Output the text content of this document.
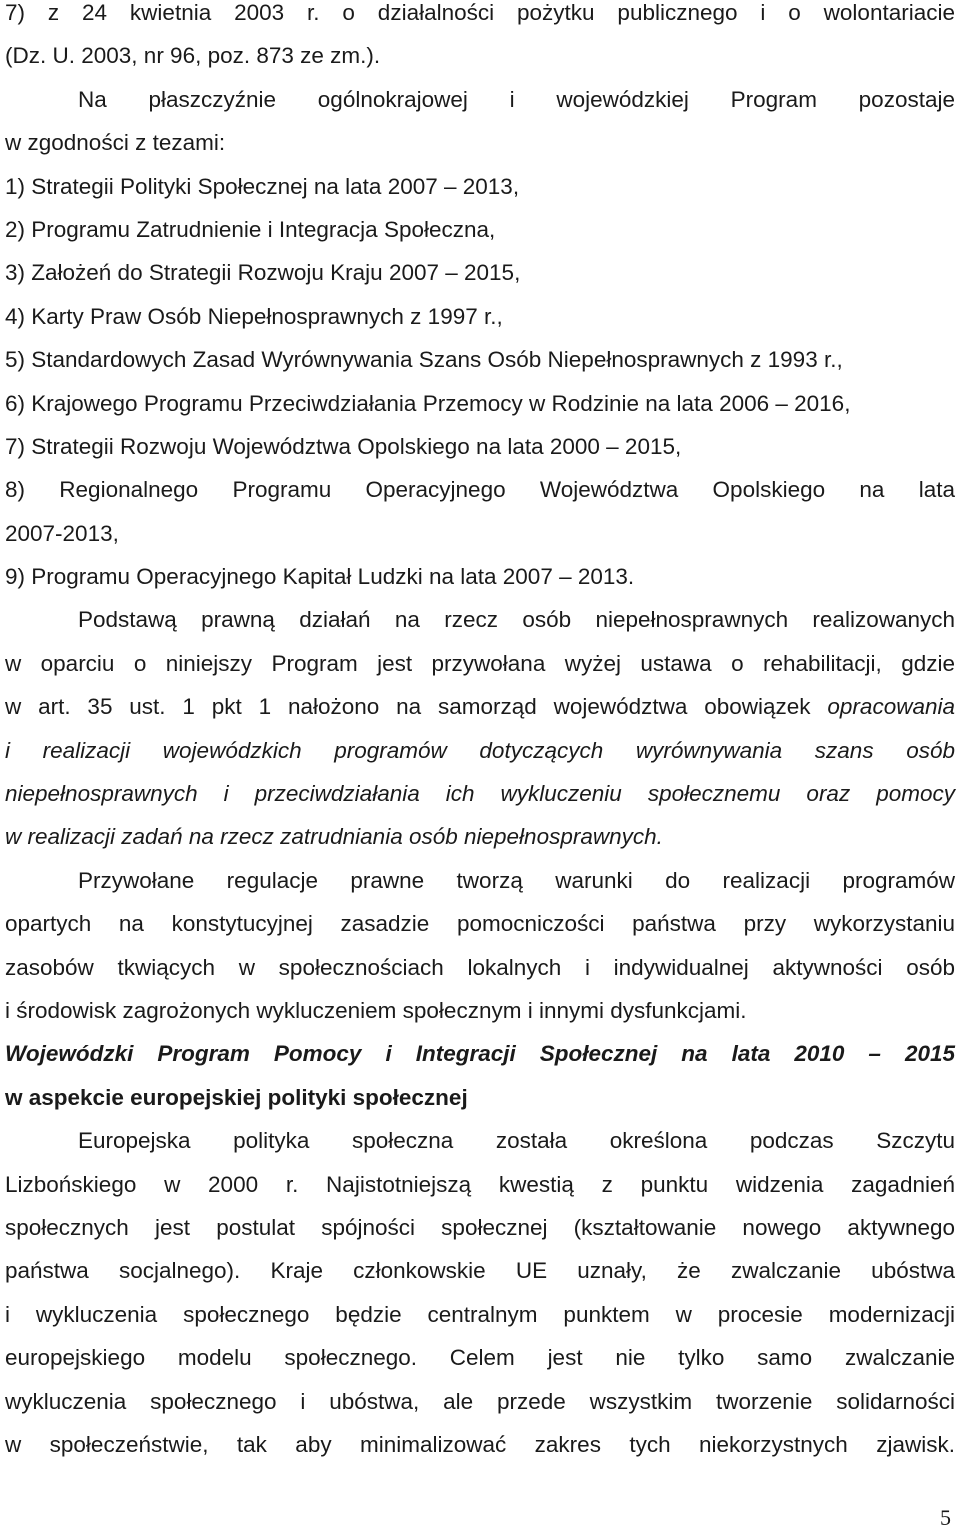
7) z 24 kwietnia 2003 r. o działalności pożytku publicznego i o wolontariacie
(Dz. U. 2003, nr 96, poz. 873 ze zm.).
Na płaszczyźnie ogólnokrajowej i wojewódzkiej Program pozostaje
w zgodności z tezami:
1) Strategii Polityki Społecznej na lata 2007 – 2013,
2) Programu Zatrudnienie i Integracja Społeczna,
3) Założeń do Strategii Rozwoju Kraju 2007 – 2015,
4) Karty Praw Osób Niepełnosprawnych z 1997 r.,
5) Standardowych Zasad Wyrównywania Szans Osób Niepełnosprawnych z 1993 r.,
6) Krajowego Programu Przeciwdziałania Przemocy w Rodzinie na lata 2006 – 2016,
7) Strategii Rozwoju Województwa Opolskiego na lata 2000 – 2015,
8) Regionalnego Programu Operacyjnego Województwa Opolskiego na lata
2007-2013,
9) Programu Operacyjnego Kapitał Ludzki na lata 2007 – 2013.
Podstawą prawną działań na rzecz osób niepełnosprawnych realizowanych
w oparciu o niniejszy Program jest przywołana wyżej ustawa o rehabilitacji, gdzie
w art. 35 ust. 1 pkt 1 nałożono na samorząd województwa obowiązek opracowania
i realizacji wojewódzkich programów dotyczących wyrównywania szans osób
niepełnosprawnych i przeciwdziałania ich wykluczeniu społecznemu oraz pomocy
w realizacji zadań na rzecz zatrudniania osób niepełnosprawnych.
Przywołane regulacje prawne tworzą warunki do realizacji programów
opartych na konstytucyjnej zasadzie pomocniczości państwa przy wykorzystaniu
zasobów tkwiących w społecznościach lokalnych i indywidualnej aktywności osób
i środowisk zagrożonych wykluczeniem społecznym i innymi dysfunkcjami.
Wojewódzki Program Pomocy i Integracji Społecznej na lata 2010 – 2015
w aspekcie europejskiej polityki społecznej
Europejska polityka społeczna została określona podczas Szczytu
Lizbońskiego w 2000 r. Najistotniejszą kwestią z punktu widzenia zagadnień
społecznych jest postulat spójności społecznej (kształtowanie nowego aktywnego
państwa socjalnego). Kraje członkowskie UE uznały, że zwalczanie ubóstwa
i wykluczenia społecznego będzie centralnym punktem w procesie modernizacji
europejskiego modelu społecznego. Celem jest nie tylko samo zwalczanie
wykluczenia społecznego i ubóstwa, ale przede wszystkim tworzenie solidarności
w społeczeństwie, tak aby minimalizować zakres tych niekorzystnych zjawisk.
5
